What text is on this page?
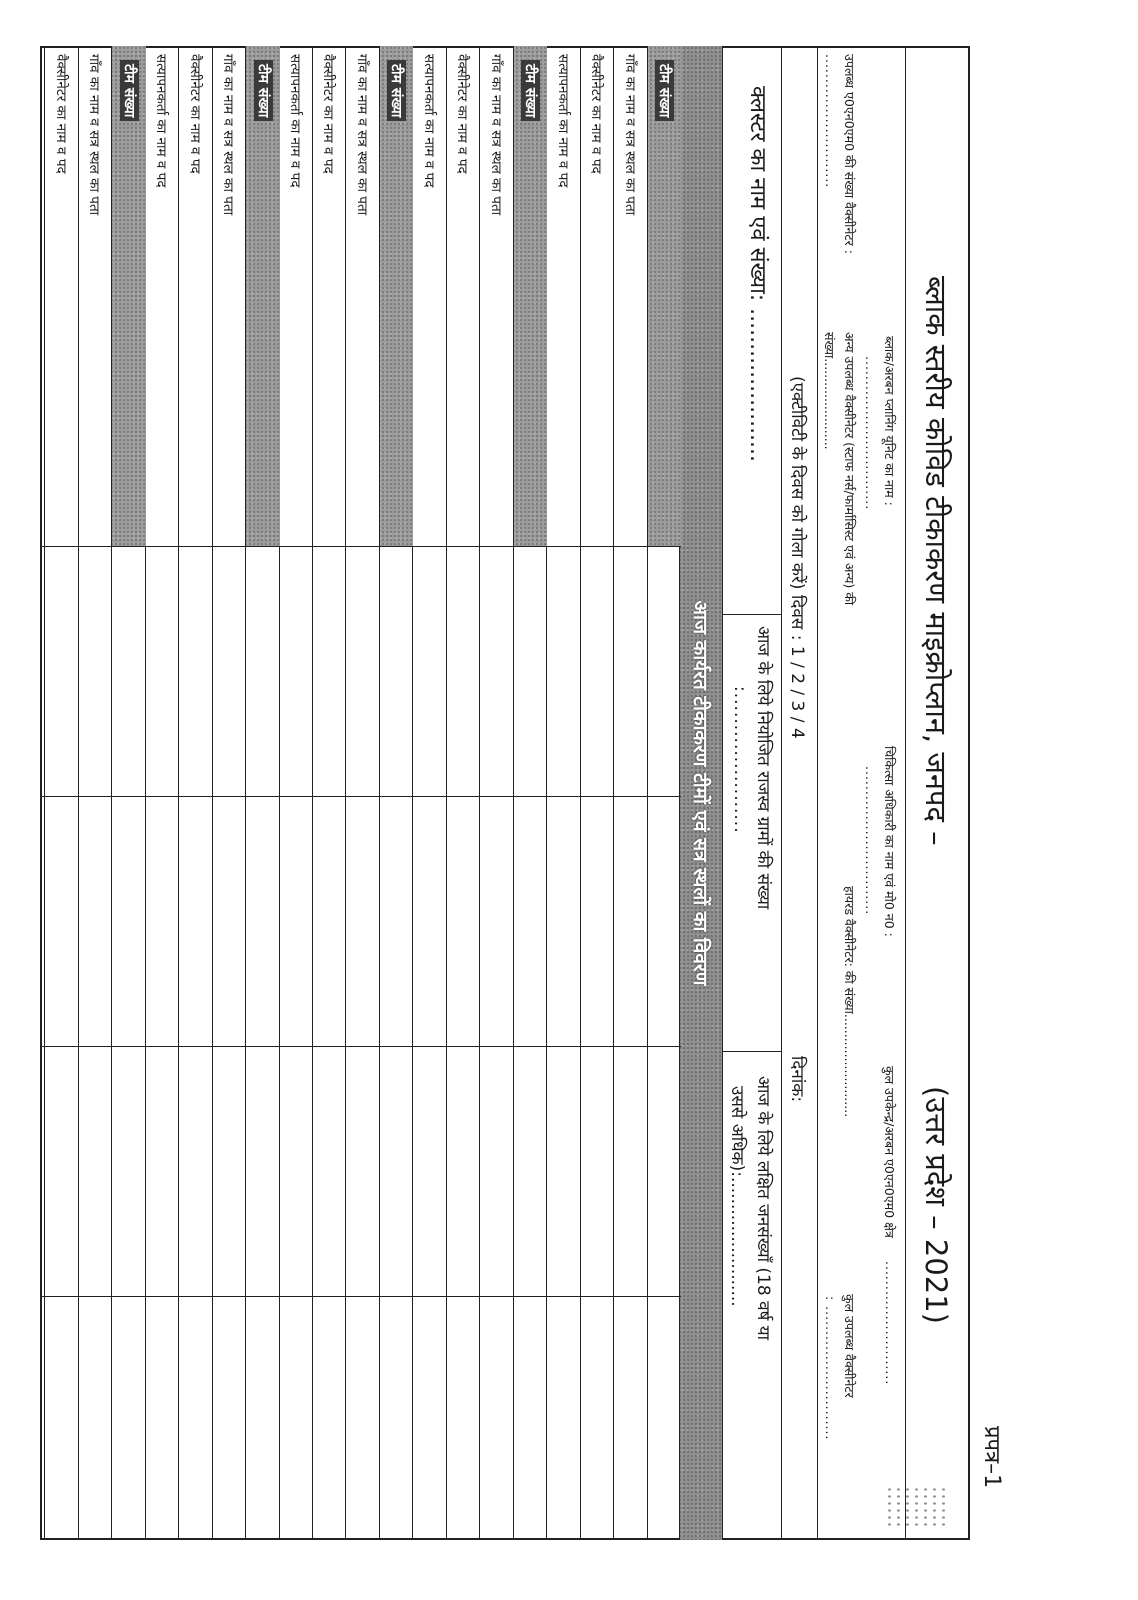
ब्लाक स्तरीय कोविड टीकाकरण माइक्रोप्लान, जनपद –
(उत्तर प्रदेश – 2021)
प्रपत्र–1
ब्लाक/अरबन प्लानिंग यूनिट का नाम :
...............................
चिकित्सा अधिकारी का नाम एवं मो0 न0 :
..............................
कुल उपकेन्द्र/अरबन ए0एन0एम0 क्षेत्र
.........................
कुल उपलब्ध वैक्सीनेटर
: ...........................
उपलब्ध ए0एन0एम0 की संख्या वैक्सीनेटर :
...........................
अन्य उपलब्ध वैक्सीनेटर (स्टाफ नर्स/फार्मासिस्ट एवं अन्य) की
संख्या.......................
हायरड वैक्सीनेटर: की संख्या..........................
(एक्टीविटी के दिवस को गोला करें) दिवस : 1 / 2 / 3 / 4
दिनांक:
क्लस्टर का नाम एवं संख्या: ......................
आज के लिये नियोजित राजस्व ग्रामों की संख्या
:......................
आज के लिये लक्षित जनसंख्याँ (18 वर्ष या
उससे अधिक):........................
आज कार्यरत टीकाकरण टीमों एवं सत्र स्थलों का विवरण
टीम संख्या
गाँव का नाम व सत्र स्थल का पता
वैक्सीनेटर का नाम व पद
सत्यापनकर्ता का नाम व पद
टीम संख्या
गाँव का नाम व सत्र स्थल का पता
वैक्सीनेटर का नाम व पद
सत्यापनकर्ता का नाम व पद
टीम संख्या
गाँव का नाम व सत्र स्थल का पता
वैक्सीनेटर का नाम व पद
सत्यापनकर्ता का नाम व पद
टीम संख्या
गाँव का नाम व सत्र स्थल का पता
वैक्सीनेटर का नाम व पद
सत्यापनकर्ता का नाम व पद
टीम संख्या
गाँव का नाम व सत्र स्थल का पता
वैक्सीनेटर का नाम व पद
